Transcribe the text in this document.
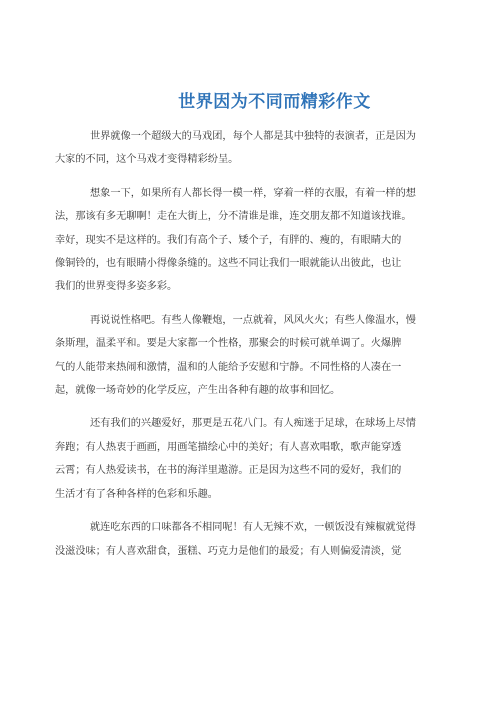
世界因为不同而精彩作文
世界就像一个超级大的马戏团，每个人都是其中独特的表演者，正是因为
大家的不同，这个马戏才变得精彩纷呈。
想象一下，如果所有人都长得一模一样，穿着一样的衣服，有着一样的想
法，那该有多无聊啊！走在大街上，分不清谁是谁，连交朋友都不知道该找谁。
幸好，现实不是这样的。我们有高个子、矮个子，有胖的、瘦的，有眼睛大的
像铜铃的，也有眼睛小得像条缝的。这些不同让我们一眼就能认出彼此，也让
我们的世界变得多姿多彩。
再说说性格吧。有些人像鞭炮，一点就着，风风火火；有些人像温水，慢
条斯理，温柔平和。要是大家都一个性格，那聚会的时候可就单调了。火爆脾
气的人能带来热闹和激情，温和的人能给予安慰和宁静。不同性格的人凑在一
起，就像一场奇妙的化学反应，产生出各种有趣的故事和回忆。
还有我们的兴趣爱好，那更是五花八门。有人痴迷于足球，在球场上尽情
奔跑；有人热衷于画画，用画笔描绘心中的美好；有人喜欢唱歌，歌声能穿透
云霄；有人热爱读书，在书的海洋里遨游。正是因为这些不同的爱好，我们的
生活才有了各种各样的色彩和乐趣。
就连吃东西的口味都各不相同呢！有人无辣不欢，一顿饭没有辣椒就觉得
没滋没味；有人喜欢甜食，蛋糕、巧克力是他们的最爱；有人则偏爱清淡，觉
